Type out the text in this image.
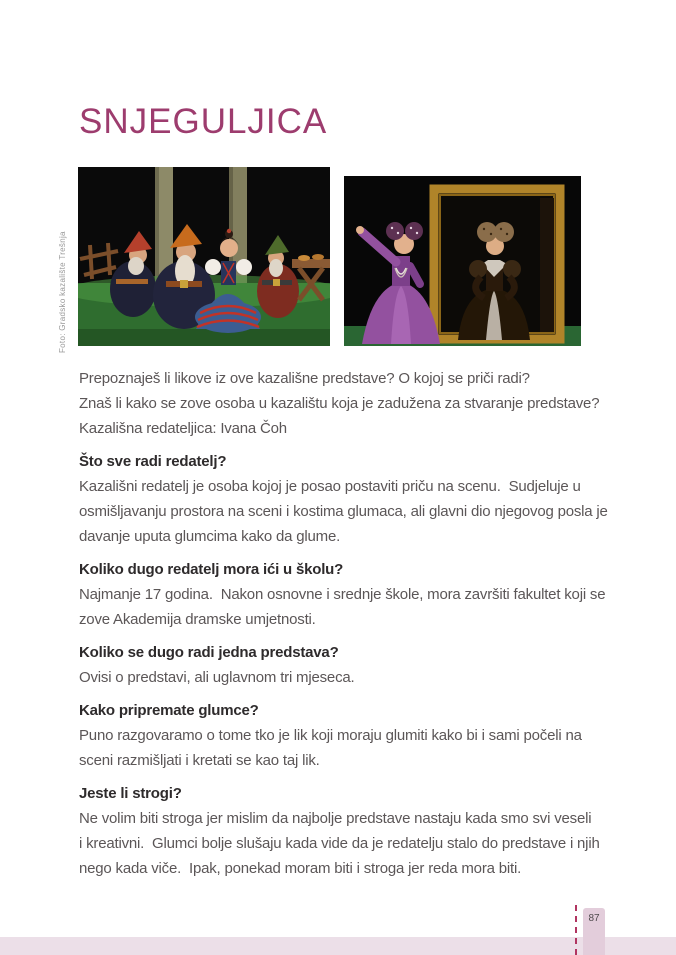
SNJEGULJICA
Foto: Gradsko kazalište Trešnja
Prepoznaješ li likove iz ove kazališne predstave? O kojoj se priči radi?
Znaš li kako se zove osoba u kazalištu koja je zadužena za stvaranje predstave?
Kazališna redateljica: Ivana Čoh
Što sve radi redatelj?
Kazališni redatelj je osoba kojoj je posao postaviti priču na scenu.  Sudjeluje u
osmišljavanju prostora na sceni i kostima glumaca, ali glavni dio njegovog posla je
davanje uputa glumcima kako da glume.
Koliko dugo redatelj mora ići u školu?
Najmanje 17 godina.  Nakon osnovne i srednje škole, mora završiti fakultet koji se
zove Akademija dramske umjetnosti.
Koliko se dugo radi jedna predstava?
Ovisi o predstavi, ali uglavnom tri mjeseca.
Kako pripremate glumce?
Puno razgovaramo o tome tko je lik koji moraju glumiti kako bi i sami počeli na
sceni razmišljati i kretati se kao taj lik.
Jeste li strogi?
Ne volim biti stroga jer mislim da najbolje predstave nastaju kada smo svi veseli
i kreativni.  Glumci bolje slušaju kada vide da je redatelju stalo do predstave i njih
nego kada viče.  Ipak, ponekad moram biti i stroga jer reda mora biti.
87
